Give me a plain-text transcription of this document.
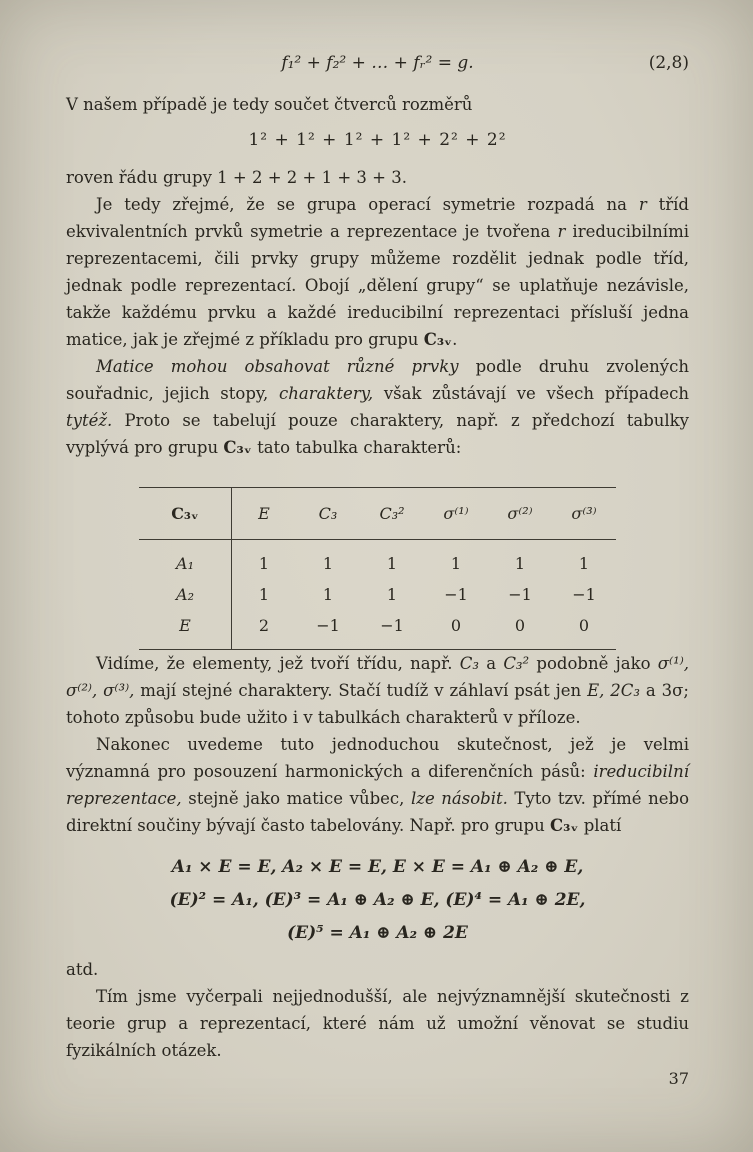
f₁² + f₂² + … + fᵣ² = g.	(2,8)

V našem případě je tedy součet čtverců rozměrů

1² + 1² + 1² + 1² + 2² + 2²

roven řádu grupy 1 + 2 + 2 + 1 + 3 + 3.

Je tedy zřejmé, že se grupa operací symetrie rozpadá na r tříd ekvivalentních prvků symetrie a reprezentace je tvořena r ireducibilními reprezentacemi, čili prvky grupy můžeme rozdělit jednak podle tříd, jednak podle reprezentací. Obojí „dělení grupy“ se uplatňuje nezávisle, takže každému prvku a každé ireducibilní reprezentaci přísluší jedna matice, jak je zřejmé z příkladu pro grupu C₃ᵥ.

Matice mohou obsahovat různé prvky podle druhu zvolených souřadnic, jejich stopy, charaktery, však zůstávají ve všech případech tytéž. Proto se tabelují pouze charaktery, např. z předchozí tabulky vyplývá pro grupu C₃ᵥ tato tabulka charakterů:

C₃ᵥ	E	C₃	C₃²	σ⁽¹⁾	σ⁽²⁾	σ⁽³⁾
A₁	1	1	1	1	1	1
A₂	1	1	1	−1	−1	−1
E	2	−1	−1	0	0	0

Vidíme, že elementy, jež tvoří třídu, např. C₃ a C₃² podobně jako σ⁽¹⁾, σ⁽²⁾, σ⁽³⁾, mají stejné charaktery. Stačí tudíž v záhlaví psát jen E, 2C₃ a 3σ; tohoto způsobu bude užito i v tabulkách charakterů v příloze.

Nakonec uvedeme tuto jednoduchou skutečnost, jež je velmi významná pro posouzení harmonických a diferenčních pásů: ireducibilní reprezentace, stejně jako matice vůbec, lze násobit. Tyto tzv. přímé nebo direktní součiny bývají často tabelovány. Např. pro grupu C₃ᵥ platí

A₁ × E = E, A₂ × E = E, E × E = A₁ ⊕ A₂ ⊕ E,
(E)² = A₁, (E)³ = A₁ ⊕ A₂ ⊕ E, (E)⁴ = A₁ ⊕ 2E,
(E)⁵ = A₁ ⊕ A₂ ⊕ 2E

atd.

Tím jsme vyčerpali nejjednodušší, ale nejvýznamnější skutečnosti z teorie grup a reprezentací, které nám už umožní věnovat se studiu fyzikálních otázek.

37
